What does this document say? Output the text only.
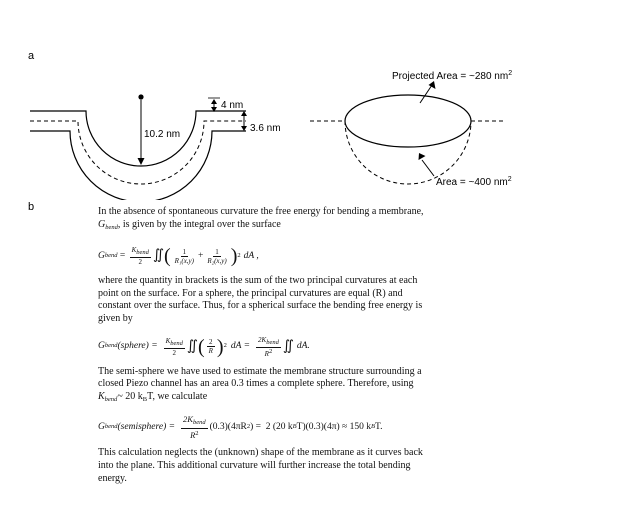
a
b
4 nm
3.6 nm
10.2 nm
Projected Area = ~280 $nm^2$
Area = ~400 $nm^2$

In the absence of spontaneous curvature the free energy for bending a membrane,
$G_{bend}$, is given by the integral over the surface

G bend = $\frac{\text{Kbend}}{2}$ ∬ ( $\frac{1}{\text{R₁(x,y)}} + \frac{1}{\text{R₂(x,y)}}$ ) 2 dA ,

where the quantity in brackets is the sum of the two principal curvatures at each
point on the surface. For a sphere, the principal curvatures are equal (R) and
constant over the surface. Thus, for a spherical surface the bending free energy is
given by

G bend (sphere) = $\frac{\text{Kbend}}{2}$ ∬ ( $\frac{2}{R}$ ) 2 dA = $\frac{\text{2Kbend}}{R2}$ ∬ dA.

The semi-sphere we have used to estimate the membrane structure surrounding a
closed Piezo channel has an area 0.3 times a complete sphere. Therefore, using
$K_{bend}\sim$ 20 $k_BT$, we calculate

G bend (semisphere) = $\frac{2K_{bend}}{R^2} (0.3)(4\pi R$ 2 ) =  2 (20 k B T)(0.3)(4π) ≈ 150 k B T.

This calculation neglects the (unknown) shape of the membrane as it curves back
into the plane. This additional curvature will further increase the total bending
energy.
